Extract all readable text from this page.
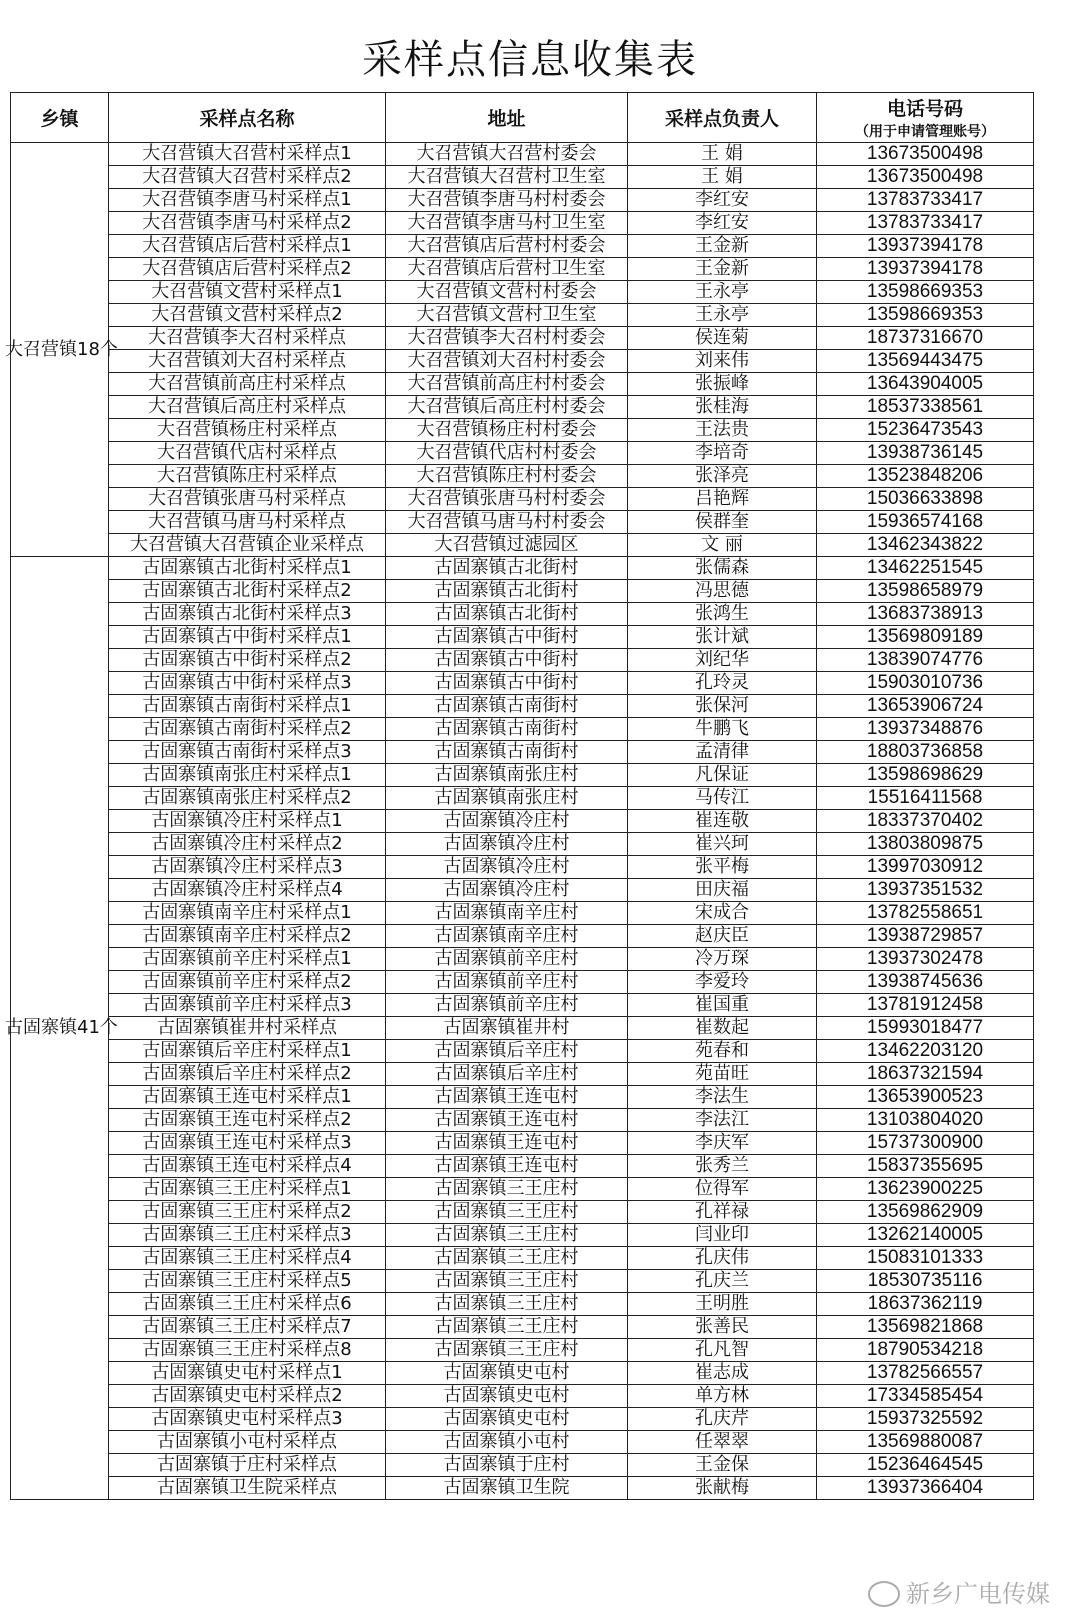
采样点信息收集表
乡镇	采样点名称	地址	采样点负责人	电话号码
（用于申请管理账号）

大召营镇18个	大召营镇大召营村采样点1	大召营镇大召营村委会	王 娟	13673500498
	大召营镇大召营村采样点2	大召营镇大召营村卫生室	王 娟	13673500498
	大召营镇李唐马村采样点1	大召营镇李唐马村村委会	李红安	13783733417
	大召营镇李唐马村采样点2	大召营镇李唐马村卫生室	李红安	13783733417
	大召营镇店后营村采样点1	大召营镇店后营村村委会	王金新	13937394178
	大召营镇店后营村采样点2	大召营镇店后营村卫生室	王金新	13937394178
	大召营镇文营村采样点1	大召营镇文营村村委会	王永亭	13598669353
	大召营镇文营村采样点2	大召营镇文营村卫生室	王永亭	13598669353
	大召营镇李大召村采样点	大召营镇李大召村村委会	侯连菊	18737316670
	大召营镇刘大召村采样点	大召营镇刘大召村村委会	刘来伟	13569443475
	大召营镇前高庄村采样点	大召营镇前高庄村村委会	张振峰	13643904005
	大召营镇后高庄村采样点	大召营镇后高庄村村委会	张桂海	18537338561
	大召营镇杨庄村采样点	大召营镇杨庄村村委会	王法贵	15236473543
	大召营镇代店村采样点	大召营镇代店村村委会	李培奇	13938736145
	大召营镇陈庄村采样点	大召营镇陈庄村村委会	张泽亮	13523848206
	大召营镇张唐马村采样点	大召营镇张唐马村村委会	吕艳辉	15036633898
	大召营镇马唐马村采样点	大召营镇马唐马村村委会	侯群奎	15936574168
	大召营镇大召营镇企业采样点	大召营镇过滤园区	文 丽	13462343822
古固寨镇41个	古固寨镇古北街村采样点1	古固寨镇古北街村	张儒森	13462251545
	古固寨镇古北街村采样点2	古固寨镇古北街村	冯思德	13598658979
	古固寨镇古北街村采样点3	古固寨镇古北街村	张鸿生	13683738913
	古固寨镇古中街村采样点1	古固寨镇古中街村	张计斌	13569809189
	古固寨镇古中街村采样点2	古固寨镇古中街村	刘纪华	13839074776
	古固寨镇古中街村采样点3	古固寨镇古中街村	孔玲灵	15903010736
	古固寨镇古南街村采样点1	古固寨镇古南街村	张保河	13653906724
	古固寨镇古南街村采样点2	古固寨镇古南街村	牛鹏飞	13937348876
	古固寨镇古南街村采样点3	古固寨镇古南街村	孟清律	18803736858
	古固寨镇南张庄村采样点1	古固寨镇南张庄村	凡保证	13598698629
	古固寨镇南张庄村采样点2	古固寨镇南张庄村	马传江	15516411568
	古固寨镇冷庄村采样点1	古固寨镇冷庄村	崔连敬	18337370402
	古固寨镇冷庄村采样点2	古固寨镇冷庄村	崔兴珂	13803809875
	古固寨镇冷庄村采样点3	古固寨镇冷庄村	张平梅	13997030912
	古固寨镇冷庄村采样点4	古固寨镇冷庄村	田庆福	13937351532
	古固寨镇南辛庄村采样点1	古固寨镇南辛庄村	宋成合	13782558651
	古固寨镇南辛庄村采样点2	古固寨镇南辛庄村	赵庆臣	13938729857
	古固寨镇前辛庄村采样点1	古固寨镇前辛庄村	冷万琛	13937302478
	古固寨镇前辛庄村采样点2	古固寨镇前辛庄村	李爱玲	13938745636
	古固寨镇前辛庄村采样点3	古固寨镇前辛庄村	崔国重	13781912458
	古固寨镇崔井村采样点	古固寨镇崔井村	崔数起	15993018477
	古固寨镇后辛庄村采样点1	古固寨镇后辛庄村	苑春和	13462203120
	古固寨镇后辛庄村采样点2	古固寨镇后辛庄村	苑苗旺	18637321594
	古固寨镇王连屯村采样点1	古固寨镇王连屯村	李法生	13653900523
	古固寨镇王连屯村采样点2	古固寨镇王连屯村	李法江	13103804020
	古固寨镇王连屯村采样点3	古固寨镇王连屯村	李庆军	15737300900
	古固寨镇王连屯村采样点4	古固寨镇王连屯村	张秀兰	15837355695
	古固寨镇三王庄村采样点1	古固寨镇三王庄村	位得军	13623900225
	古固寨镇三王庄村采样点2	古固寨镇三王庄村	孔祥禄	13569862909
	古固寨镇三王庄村采样点3	古固寨镇三王庄村	闫业印	13262140005
	古固寨镇三王庄村采样点4	古固寨镇三王庄村	孔庆伟	15083101333
	古固寨镇三王庄村采样点5	古固寨镇三王庄村	孔庆兰	18530735116
	古固寨镇三王庄村采样点6	古固寨镇三王庄村	王明胜	18637362119
	古固寨镇三王庄村采样点7	古固寨镇三王庄村	张善民	13569821868
	古固寨镇三王庄村采样点8	古固寨镇三王庄村	孔凡智	18790534218
	古固寨镇史屯村采样点1	古固寨镇史屯村	崔志成	13782566557
	古固寨镇史屯村采样点2	古固寨镇史屯村	单方林	17334585454
	古固寨镇史屯村采样点3	古固寨镇史屯村	孔庆芹	15937325592
	古固寨镇小屯村采样点	古固寨镇小屯村	任翠翠	13569880087
	古固寨镇于庄村采样点	古固寨镇于庄村	王金保	15236464545
	古固寨镇卫生院采样点	古固寨镇卫生院	张献梅	13937366404
新乡广电传媒
